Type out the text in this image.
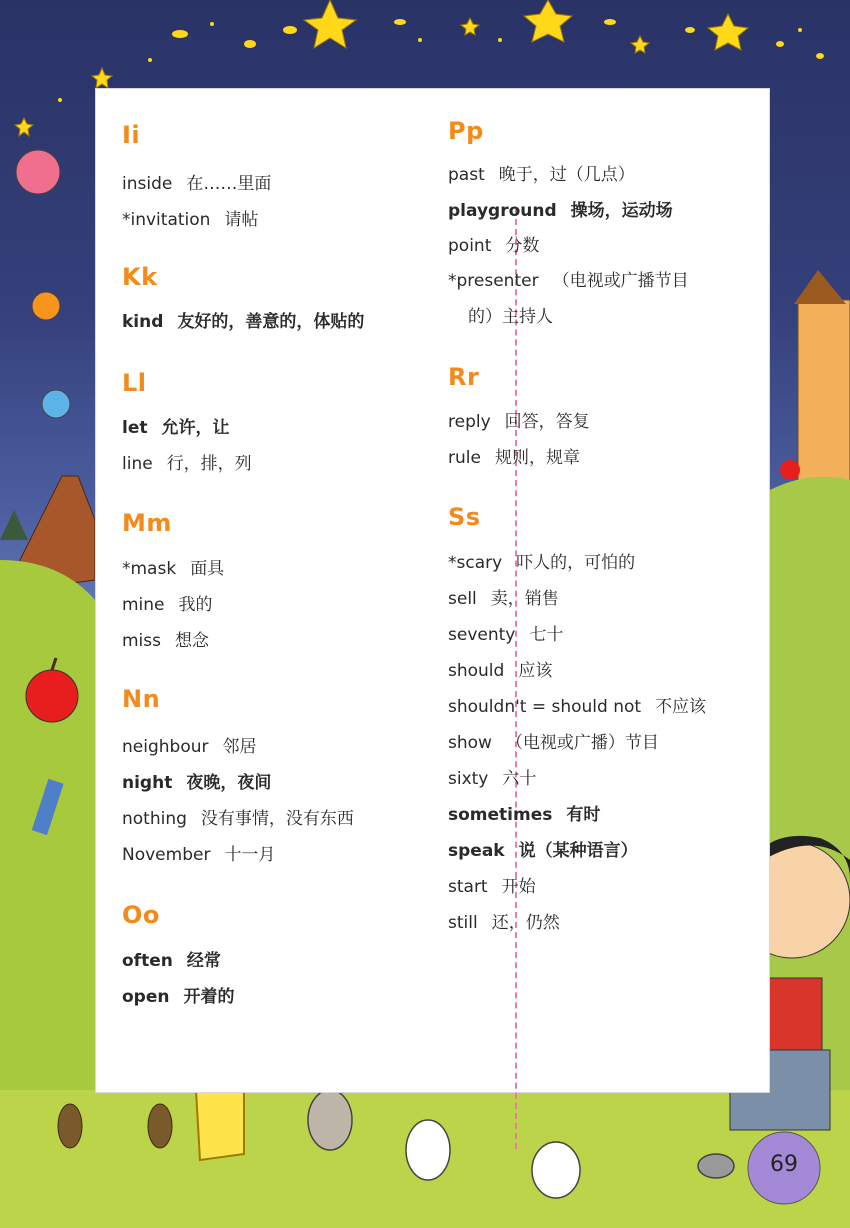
Ii
inside 在……里面
*invitation 请帖
Kk
kind 友好的，善意的，体贴的
Ll
let 允许，让
line 行，排，列
Mm
*mask 面具
mine 我的
miss 想念
Nn
neighbour 邻居
night 夜晚，夜间
nothing 没有事情，没有东西
November 十一月
Oo
often 经常
open 开着的
Pp
past 晚于，过（几点）
playground 操场，运动场
point 分数
*presenter （电视或广播节目
的）主持人
Rr
reply 回答，答复
rule 规则，规章
Ss
*scary 吓人的，可怕的
sell 卖，销售
seventy 七十
should 应该
shouldn't = should not 不应该
show （电视或广播）节目
sixty 六十
sometimes 有时
speak 说（某种语言）
start 开始
still 还，仍然
69
